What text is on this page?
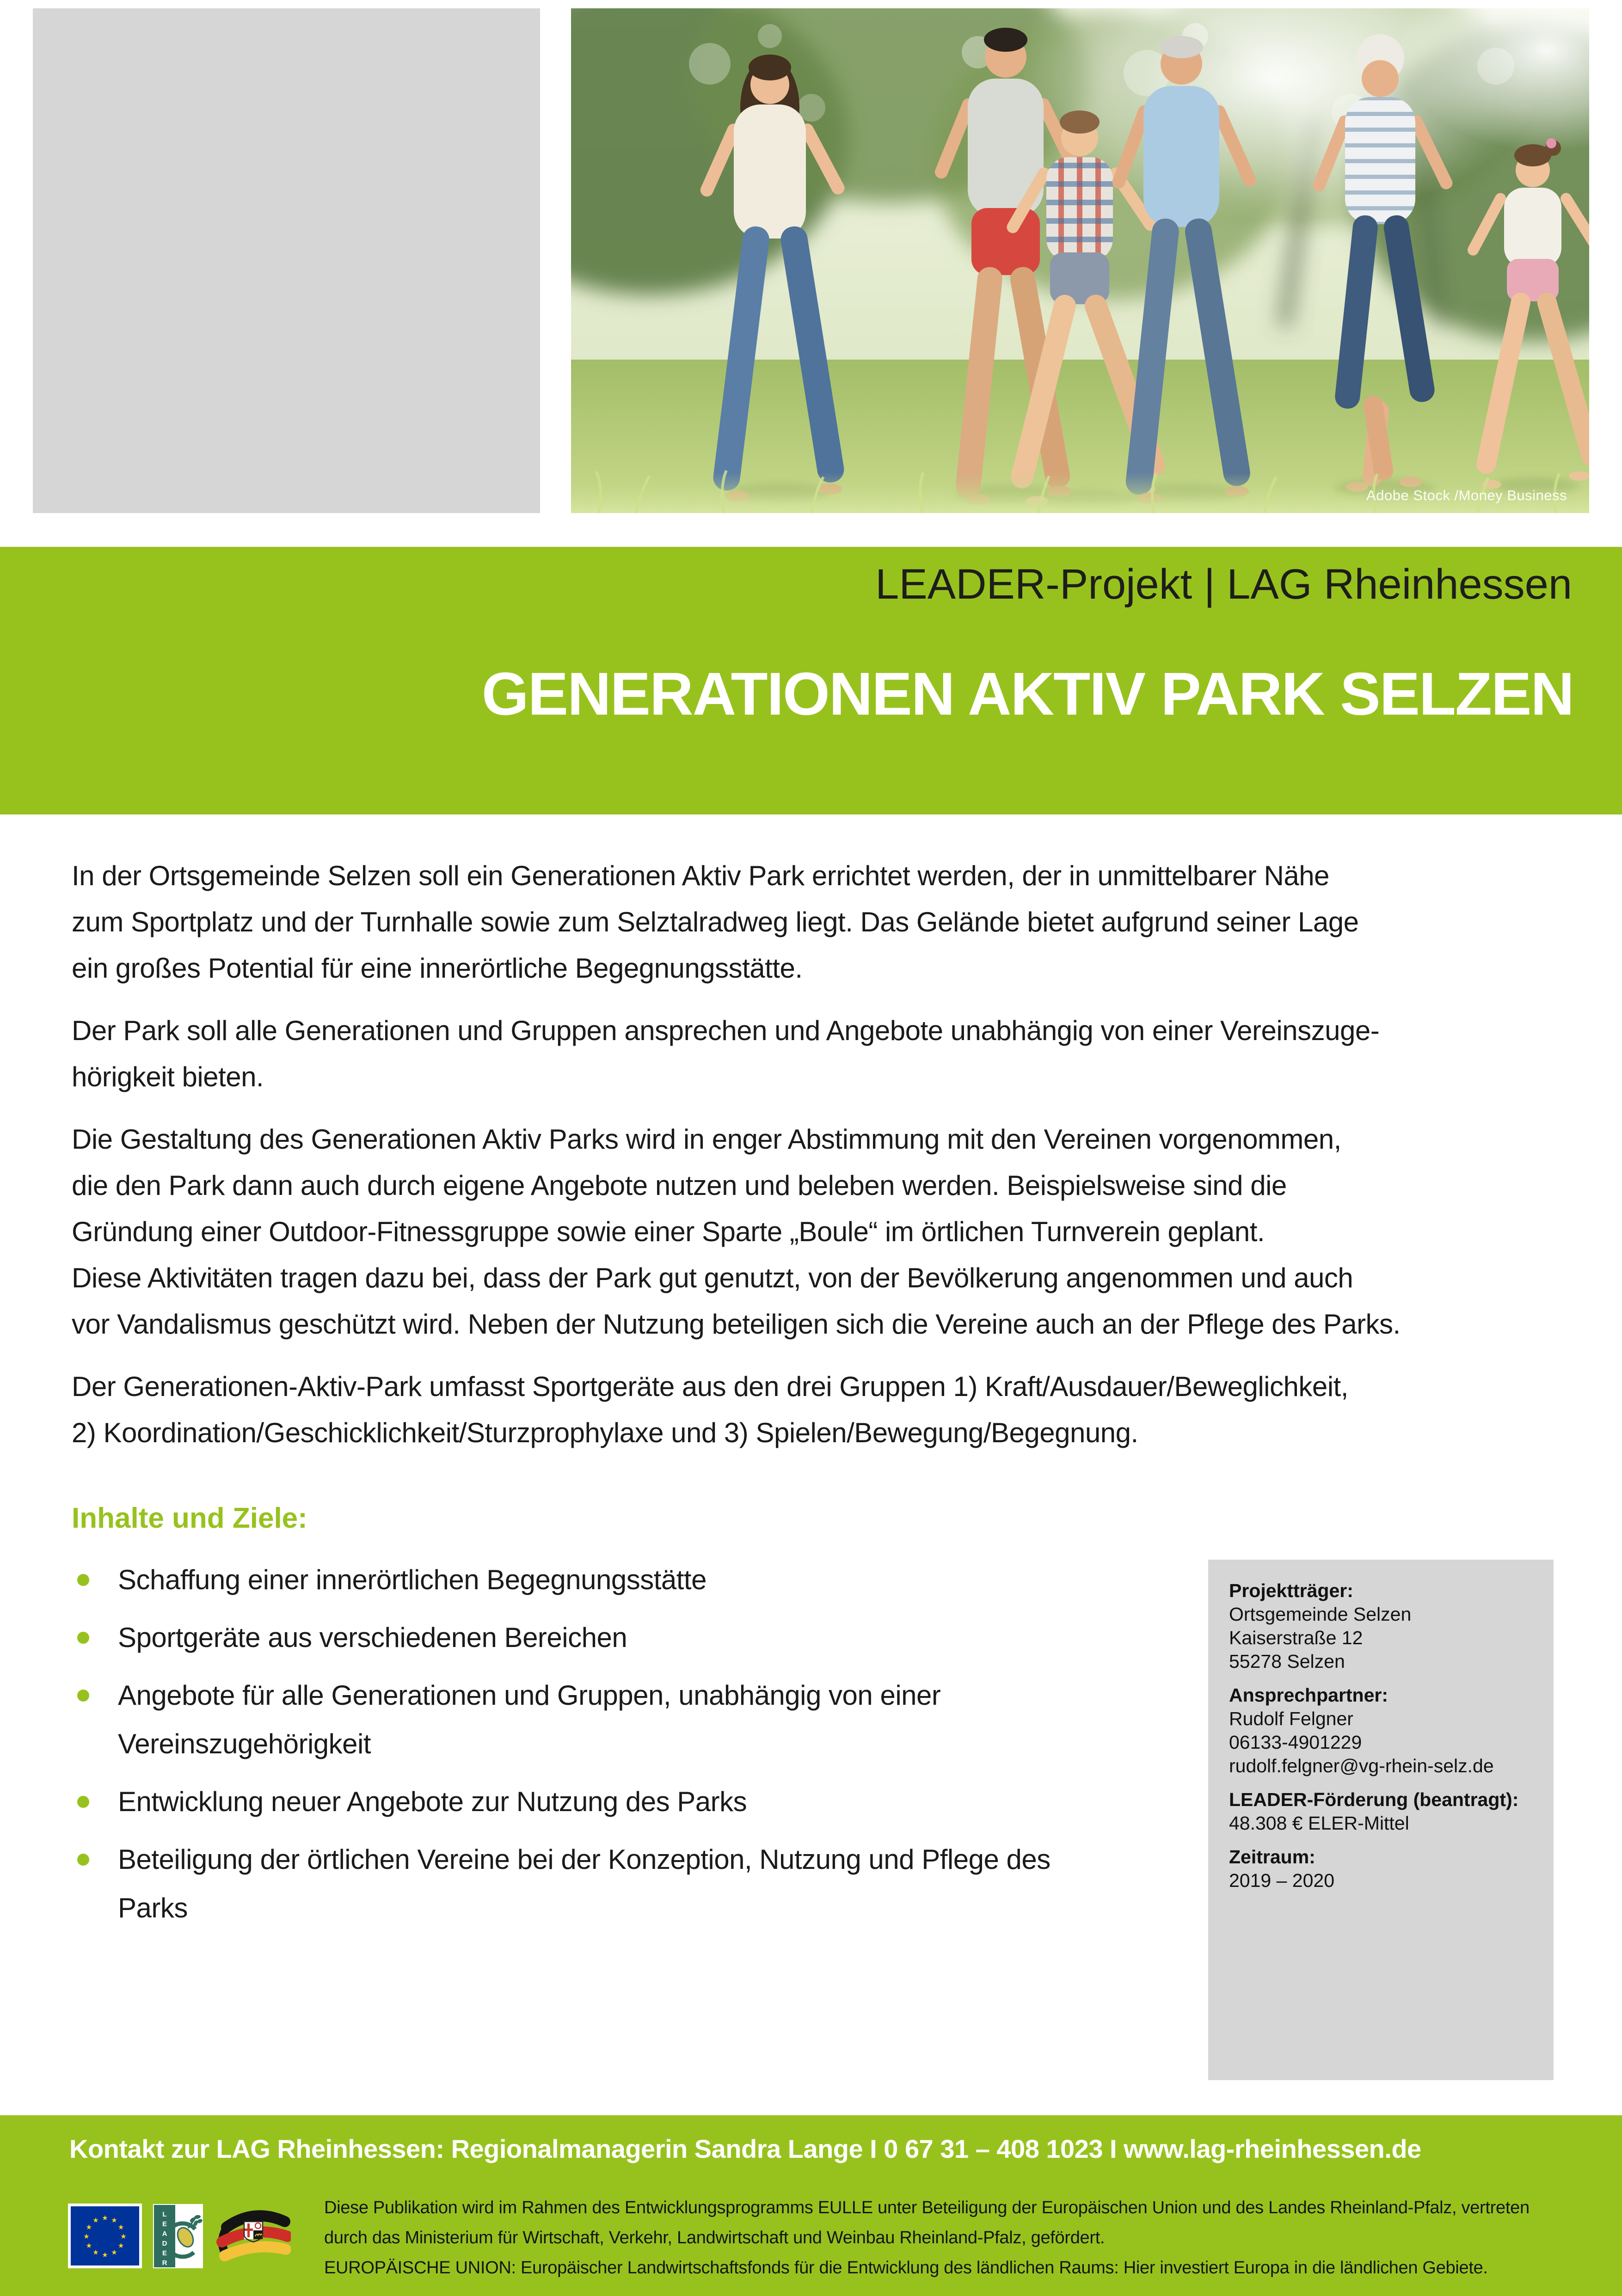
Adobe Stock /Money Business
LEADER-Projekt | LAG Rheinhessen
GENERATIONEN AKTIV PARK SELZEN
In der Ortsgemeinde Selzen soll ein Generationen Aktiv Park errichtet werden, der in unmittelbarer Nähe
zum Sportplatz und der Turnhalle sowie zum Selztalradweg liegt. Das Gelände bietet aufgrund seiner Lage
ein großes Potential für eine innerörtliche Begegnungsstätte.
Der Park soll alle Generationen und Gruppen ansprechen und Angebote unabhängig von einer Vereinszuge-
hörigkeit bieten.
Die Gestaltung des Generationen Aktiv Parks wird in enger Abstimmung mit den Vereinen vorgenommen,
die den Park dann auch durch eigene Angebote nutzen und beleben werden. Beispielsweise sind die
Gründung einer Outdoor-Fitnessgruppe sowie einer Sparte „Boule“ im örtlichen Turnverein geplant.
Diese Aktivitäten tragen dazu bei, dass der Park gut genutzt, von der Bevölkerung angenommen und auch
vor Vandalismus geschützt wird. Neben der Nutzung beteiligen sich die Vereine auch an der Pflege des Parks.
Der Generationen-Aktiv-Park umfasst Sportgeräte aus den drei Gruppen 1) Kraft/Ausdauer/Beweglichkeit,
2) Koordination/Geschicklichkeit/Sturzprophylaxe und 3) Spielen/Bewegung/Begegnung.
Inhalte und Ziele:
Schaffung einer innerörtlichen Begegnungsstätte
Sportgeräte aus verschiedenen Bereichen
Angebote für alle Generationen und Gruppen, unabhängig von einer Vereinszugehörigkeit
Entwicklung neuer Angebote zur Nutzung des Parks
Beteiligung der örtlichen Vereine bei der Konzeption, Nutzung und Pflege des Parks
Projektträger:
Ortsgemeinde Selzen
Kaiserstraße 12
55278 Selzen
Ansprechpartner:
Rudolf Felgner
06133-4901229
rudolf.felgner@vg-rhein-selz.de
LEADER-Förderung (beantragt):
48.308 € ELER-Mittel
Zeitraum:
2019 – 2020
Kontakt zur LAG Rheinhessen: Regionalmanagerin Sandra Lange I 0 67 31 – 408 1023 I www.lag-rheinhessen.de
★ ★
★
★
★
★
★
★
★
★
★
★	LEADER
Diese Publikation wird im Rahmen des Entwicklungsprogramms EULLE unter Beteiligung der Europäischen Union und des Landes Rheinland-Pfalz, vertreten
durch das Ministerium für Wirtschaft, Verkehr, Landwirtschaft und Weinbau Rheinland-Pfalz, gefördert.
EUROPÄISCHE UNION: Europäischer Landwirtschaftsfonds für die Entwicklung des ländlichen Raums: Hier investiert Europa in die ländlichen Gebiete.
